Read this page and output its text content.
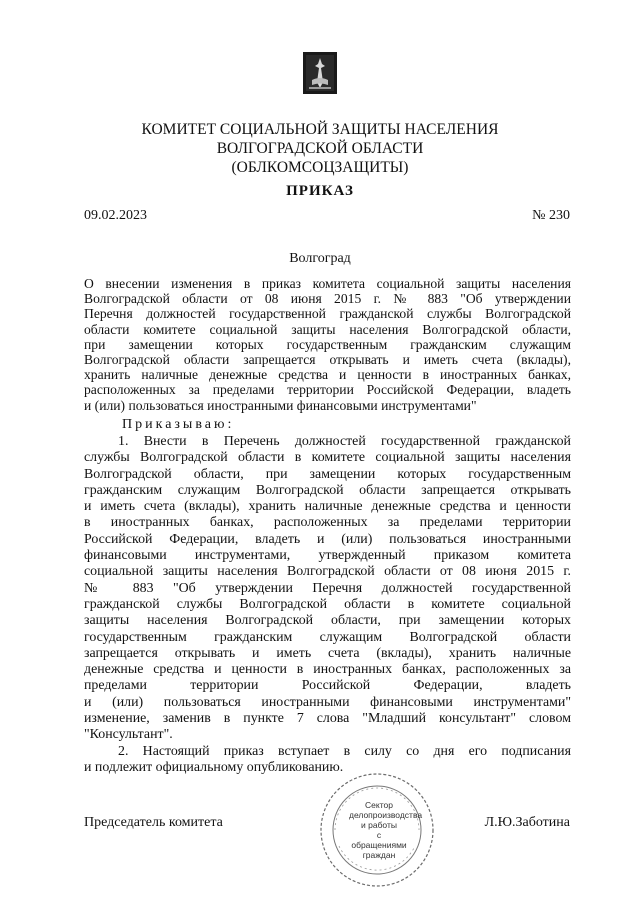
КОМИТЕТ СОЦИАЛЬНОЙ ЗАЩИТЫ НАСЕЛЕНИЯ
ВОЛГОГРАДСКОЙ ОБЛАСТИ
(ОБЛКОМСОЦЗАЩИТЫ)
ПРИКАЗ
09.02.2023	№ 230
Волгоград
О внесении изменения в приказ комитета социальной защиты населения
Волгоградской области от 08 июня 2015 г. № 883 "Об утверждении
Перечня должностей государственной гражданской службы Волгоградской
области комитете социальной защиты населения Волгоградской области,
при замещении которых государственным гражданским служащим
Волгоградской области запрещается открывать и иметь счета (вклады),
хранить наличные денежные средства и ценности в иностранных банках,
расположенных за пределами территории Российской Федерации, владеть
и (или) пользоваться иностранными финансовыми инструментами"
Приказываю:
1. Внести в Перечень должностей государственной гражданской
службы Волгоградской области в комитете социальной защиты населения
Волгоградской области, при замещении которых государственным
гражданским служащим Волгоградской области запрещается открывать
и иметь счета (вклады), хранить наличные денежные средства и ценности
в иностранных банках, расположенных за пределами территории
Российской Федерации, владеть и (или) пользоваться иностранными
финансовыми инструментами, утвержденный приказом комитета
социальной защиты населения Волгоградской области от 08 июня 2015 г.
№ 883 "Об утверждении Перечня должностей государственной
гражданской службы Волгоградской области в комитете социальной
защиты населения Волгоградской области, при замещении которых
государственным гражданским служащим Волгоградской области
запрещается открывать и иметь счета (вклады), хранить наличные
денежные средства и ценности в иностранных банках, расположенных за
пределами территории Российской Федерации, владеть
и (или) пользоваться иностранными финансовыми инструментами"
изменение, заменив в пункте 7 слова "Младший консультант" словом
"Консультант".
2. Настоящий приказ вступает в силу со дня его подписания
и подлежит официальному опубликованию.
Председатель комитета	Л.Ю.Заботина
Сектор
делопроизводства
и работы
с обращениями
граждан
